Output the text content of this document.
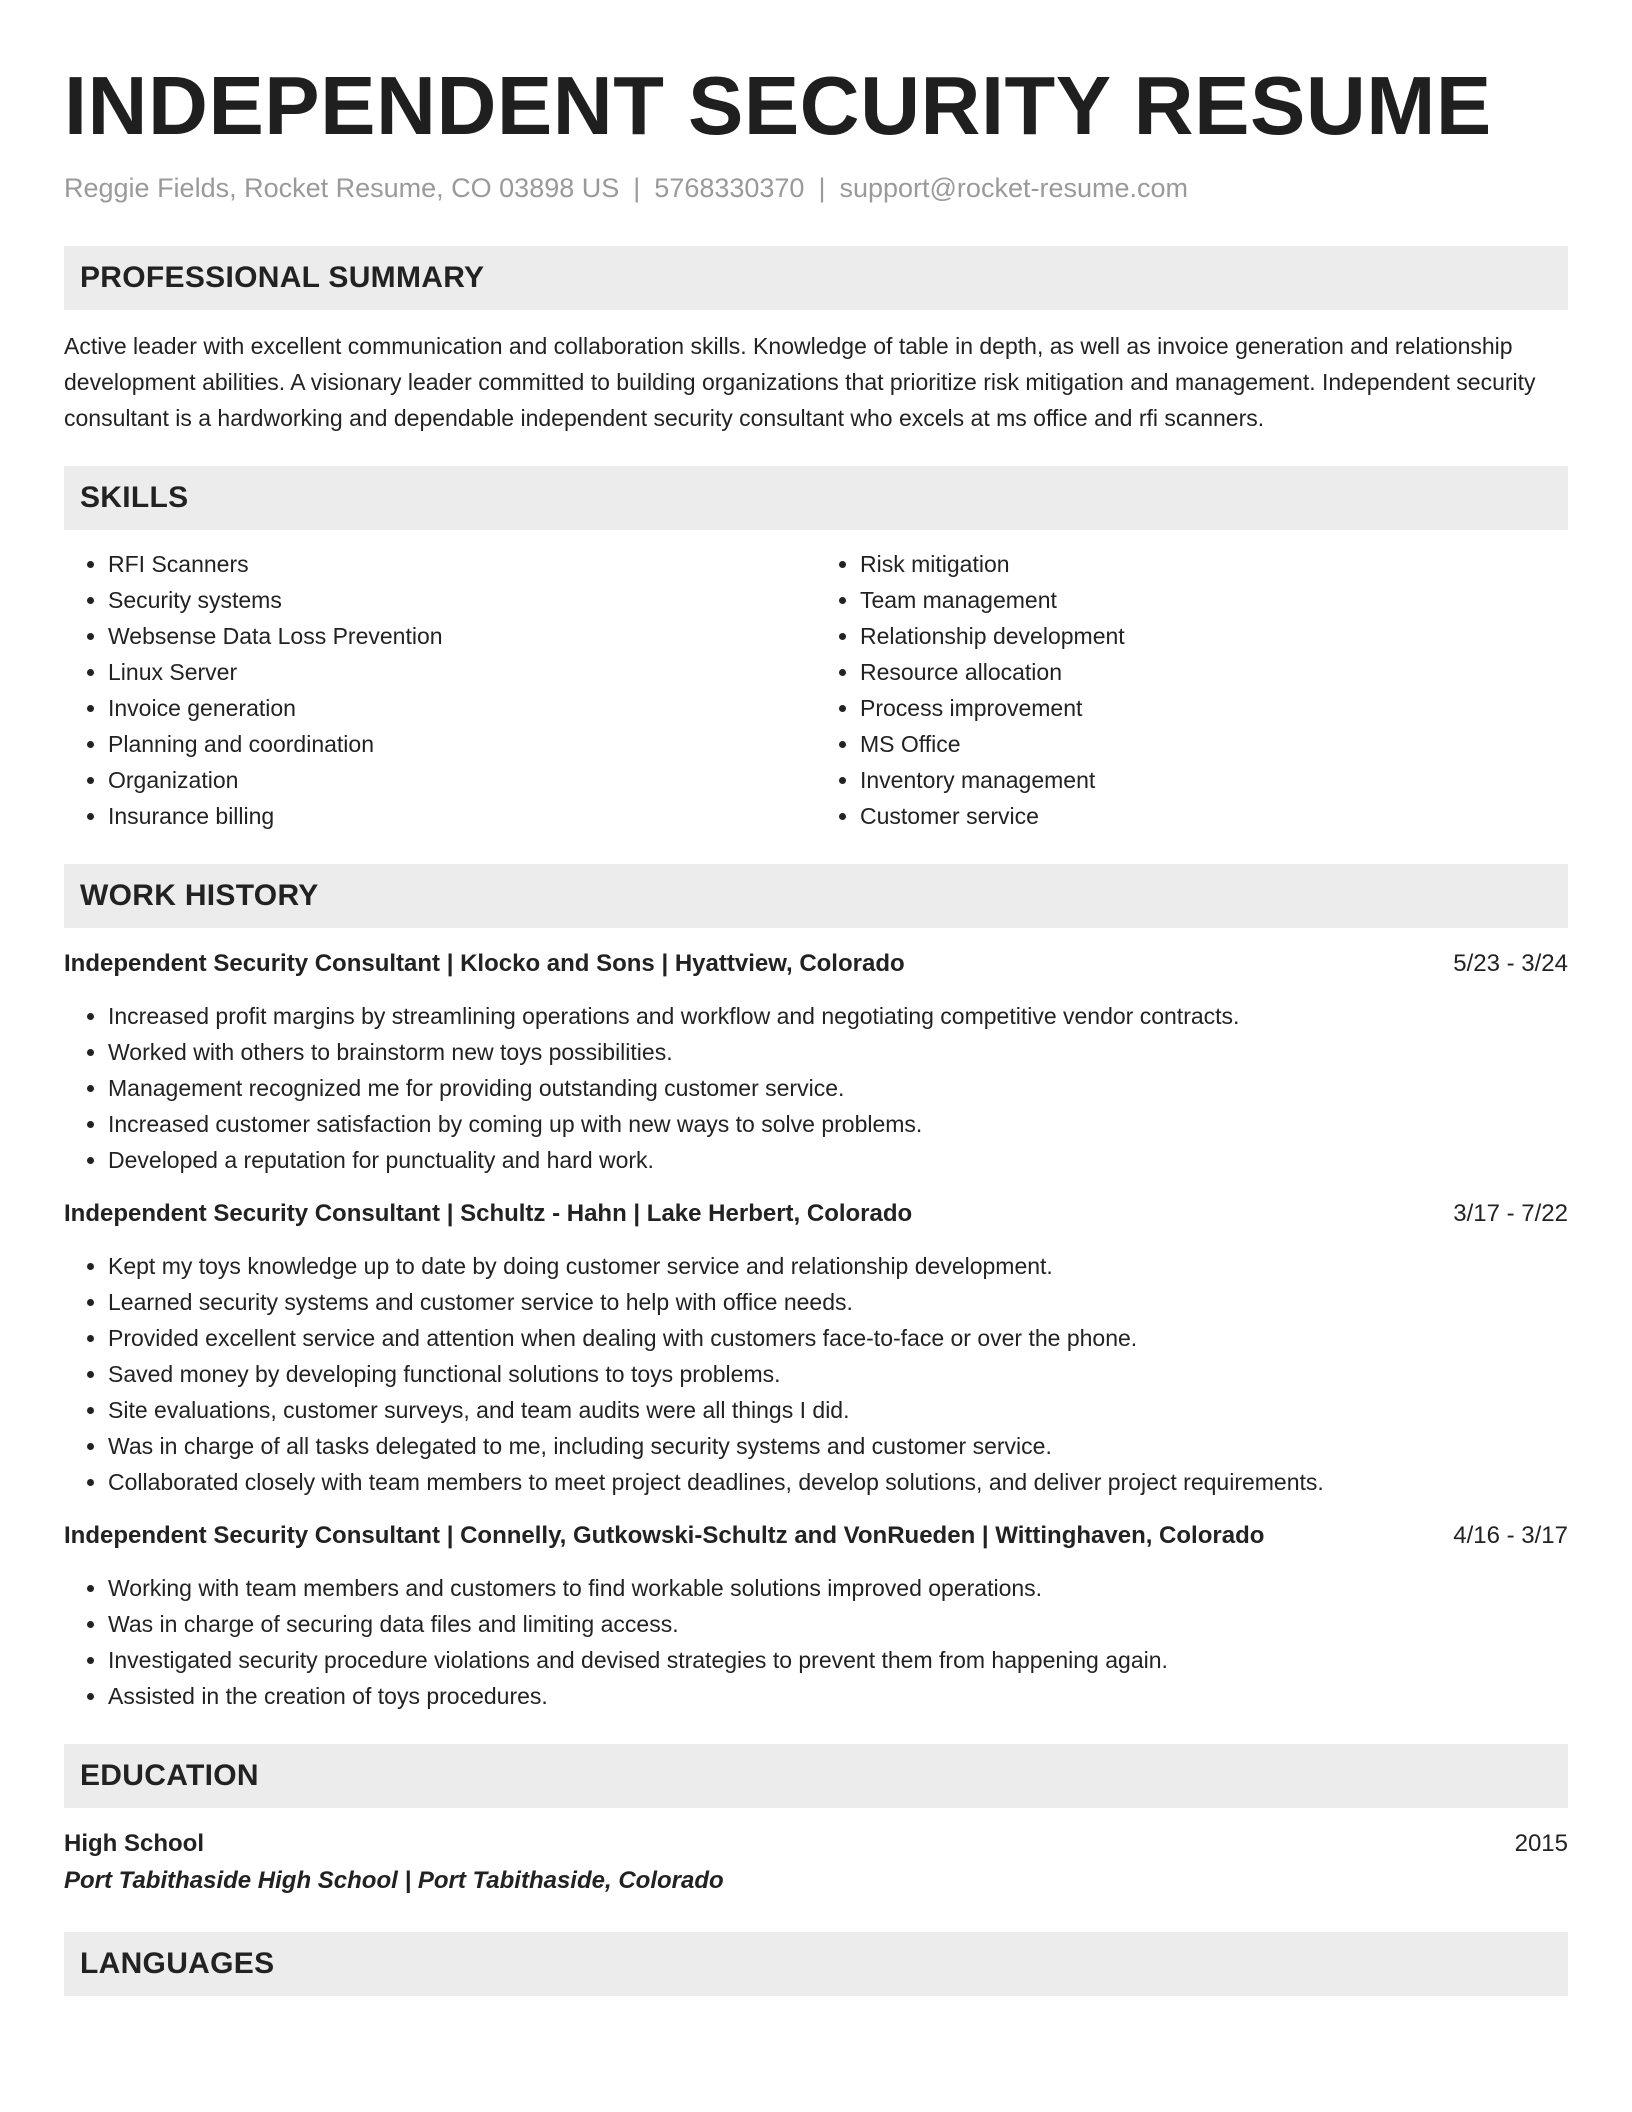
INDEPENDENT SECURITY RESUME
Reggie Fields, Rocket Resume, CO 03898 US | 5768330370 | support@rocket-resume.com
PROFESSIONAL SUMMARY

Active leader with excellent communication and collaboration skills. Knowledge of table in depth, as well as invoice generation and relationship development abilities. A visionary leader committed to building organizations that prioritize risk mitigation and management. Independent security consultant is a hardworking and dependable independent security consultant who excels at ms office and rfi scanners.

SKILLS
• RFI Scanners
• Security systems
• Websense Data Loss Prevention
• Linux Server
• Invoice generation
• Planning and coordination
• Organization
• Insurance billing
• Risk mitigation
• Team management
• Relationship development
• Resource allocation
• Process improvement
• MS Office
• Inventory management
• Customer service
WORK HISTORY
Independent Security Consultant | Klocko and Sons | Hyattview, Colorado	5/23 - 3/24
• Increased profit margins by streamlining operations and workflow and negotiating competitive vendor contracts.
• Worked with others to brainstorm new toys possibilities.
• Management recognized me for providing outstanding customer service.
• Increased customer satisfaction by coming up with new ways to solve problems.
• Developed a reputation for punctuality and hard work.
Independent Security Consultant | Schultz - Hahn | Lake Herbert, Colorado	3/17 - 7/22
• Kept my toys knowledge up to date by doing customer service and relationship development.
• Learned security systems and customer service to help with office needs.
• Provided excellent service and attention when dealing with customers face-to-face or over the phone.
• Saved money by developing functional solutions to toys problems.
• Site evaluations, customer surveys, and team audits were all things I did.
• Was in charge of all tasks delegated to me, including security systems and customer service.
• Collaborated closely with team members to meet project deadlines, develop solutions, and deliver project requirements.
Independent Security Consultant | Connelly, Gutkowski-Schultz and VonRueden | Wittinghaven, Colorado	4/16 - 3/17
• Working with team members and customers to find workable solutions improved operations.
• Was in charge of securing data files and limiting access.
• Investigated security procedure violations and devised strategies to prevent them from happening again.
• Assisted in the creation of toys procedures.
EDUCATION
High School	2015
Port Tabithaside High School | Port Tabithaside, Colorado
LANGUAGES
